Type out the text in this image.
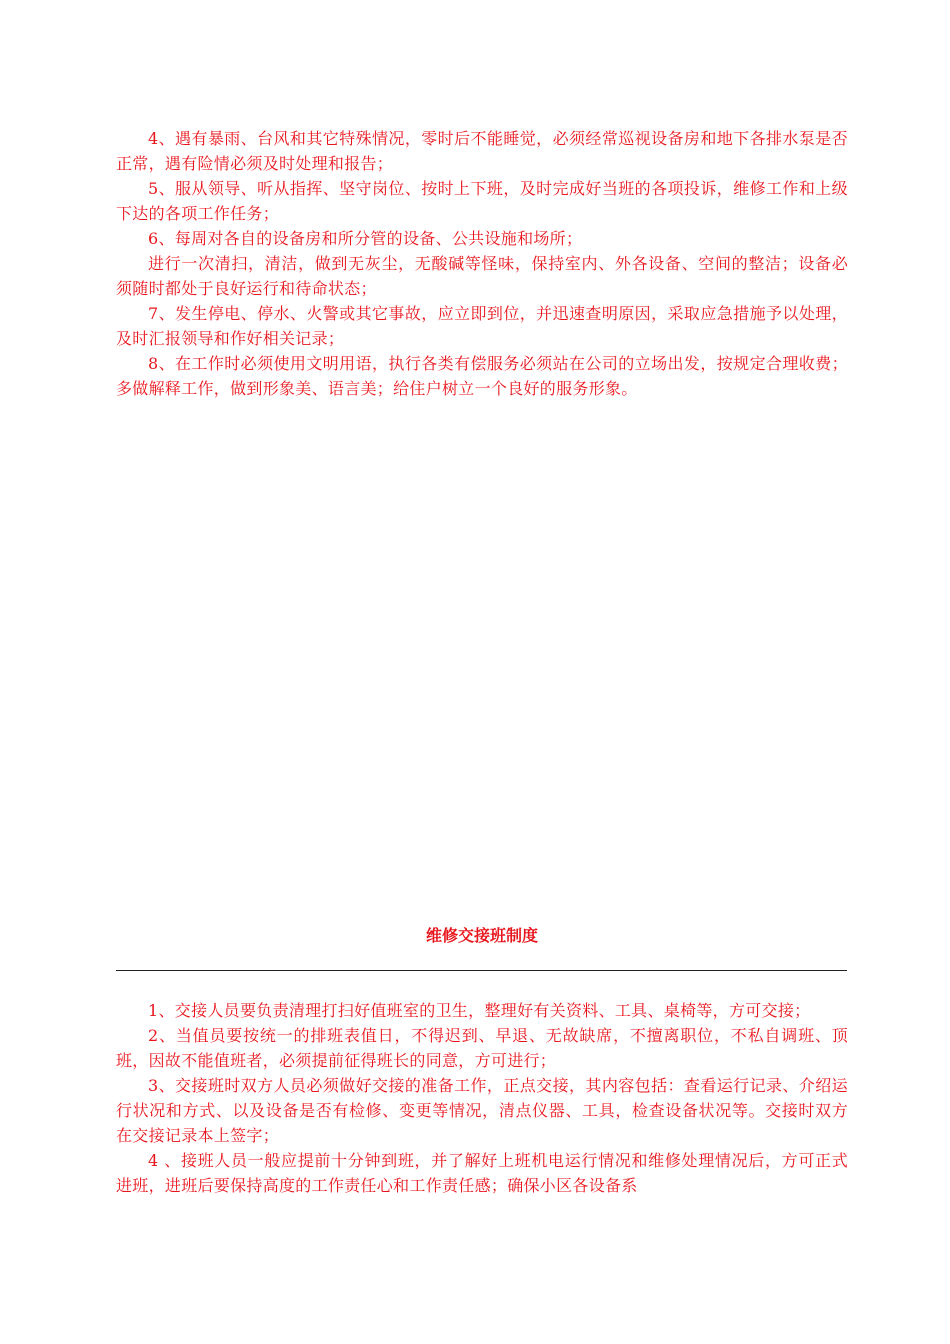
4、遇有暴雨、台风和其它特殊情况，零时后不能睡觉，必须经常巡视设备房和地下各排水泵是否正常，遇有险情必须及时处理和报告；

5、服从领导、听从指挥、坚守岗位、按时上下班，及时完成好当班的各项投诉，维修工作和上级下达的各项工作任务；

6、每周对各自的设备房和所分管的设备、公共设施和场所；

进行一次清扫，清洁，做到无灰尘，无酸碱等怪味，保持室内、外各设备、空间的整洁；设备必须随时都处于良好运行和待命状态；

7、发生停电、停水、火警或其它事故，应立即到位，并迅速查明原因，采取应急措施予以处理，及时汇报领导和作好相关记录；

8、在工作时必须使用文明用语，执行各类有偿服务必须站在公司的立场出发，按规定合理收费；多做解释工作，做到形象美、语言美；给住户树立一个良好的服务形象。

维修交接班制度

1、交接人员要负责清理打扫好值班室的卫生，整理好有关资料、工具、桌椅等，方可交接；

2、当值员要按统一的排班表值日，不得迟到、早退、无故缺席，不擅离职位，不私自调班、顶班，因故不能值班者，必须提前征得班长的同意，方可进行；

3、交接班时双方人员必须做好交接的准备工作，正点交接，其内容包括：查看运行记录、介绍运行状况和方式、以及设备是否有检修、变更等情况，清点仪器、工具，检查设备状况等。交接时双方在交接记录本上签字；

4 、接班人员一般应提前十分钟到班，并了解好上班机电运行情况和维修处理情况后，方可正式进班，进班后要保持高度的工作责任心和工作责任感；确保小区各设备系
